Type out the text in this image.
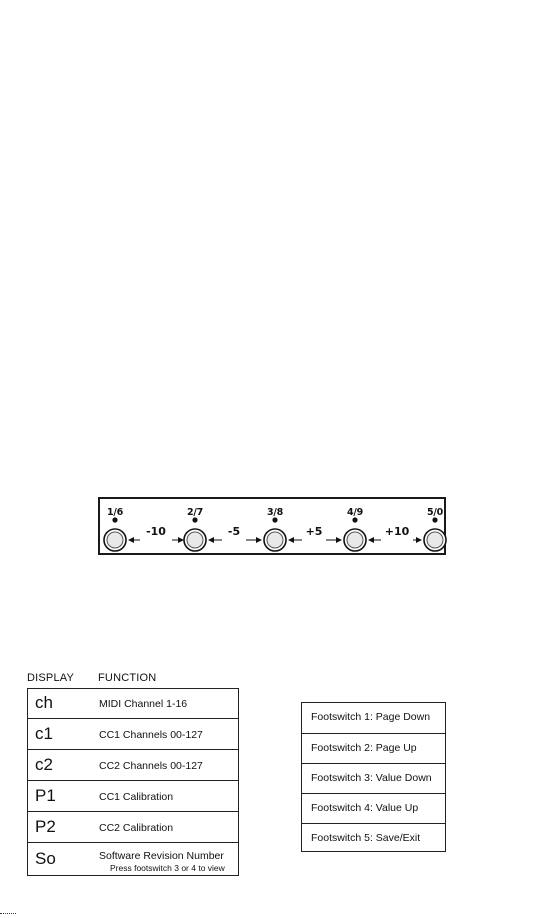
1/6	2/7	3/8	4/9	5/0
-10	-5	+5	+10
DISPLAY FUNCTION
ch	MIDI Channel 1-16
c1	CC1 Channels 00-127
c2	CC2 Channels 00-127
P1	CC1 Calibration
P2	CC2 Calibration
So	Software Revision Number
Press footswitch 3 or 4 to view
Footswitch 1: Page Down
Footswitch 2: Page Up
Footswitch 3: Value Down
Footswitch 4: Value Up
Footswitch 5: Save/Exit
